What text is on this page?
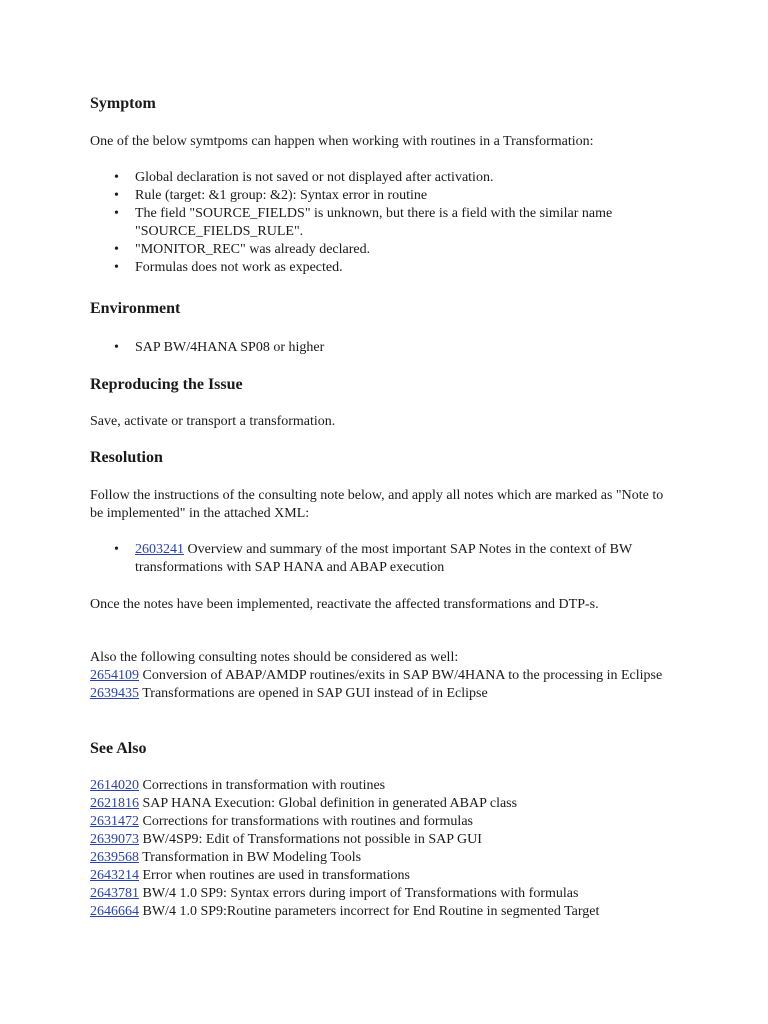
Symptom

One of the below symtpoms can happen when working with routines in a Transformation:

• Global declaration is not saved or not displayed after activation.
• Rule (target: &1 group: &2): Syntax error in routine
• The field "SOURCE_FIELDS" is unknown, but there is a field with the similar name "SOURCE_FIELDS_RULE".
• "MONITOR_REC" was already declared.
• Formulas does not work as expected.
Environment
• SAP BW/4HANA SP08 or higher
Reproducing the Issue

Save, activate or transport a transformation.

Resolution

Follow the instructions of the consulting note below, and apply all notes which are marked as "Note to be implemented" in the attached XML:

• 2603241 Overview and summary of the most important SAP Notes in the context of BW transformations with SAP HANA and ABAP execution

Once the notes have been implemented, reactivate the affected transformations and DTP-s.

Also the following consulting notes should be considered as well:
2654109 Conversion of ABAP/AMDP routines/exits in SAP BW/4HANA to the processing in Eclipse
2639435 Transformations are opened in SAP GUI instead of in Eclipse
See Also
2614020 Corrections in transformation with routines
2621816 SAP HANA Execution: Global definition in generated ABAP class
2631472 Corrections for transformations with routines and formulas
2639073 BW/4SP9: Edit of Transformations not possible in SAP GUI
2639568 Transformation in BW Modeling Tools
2643214 Error when routines are used in transformations
2643781 BW/4 1.0 SP9: Syntax errors during import of Transformations with formulas
2646664 BW/4 1.0 SP9:Routine parameters incorrect for End Routine in segmented Target
